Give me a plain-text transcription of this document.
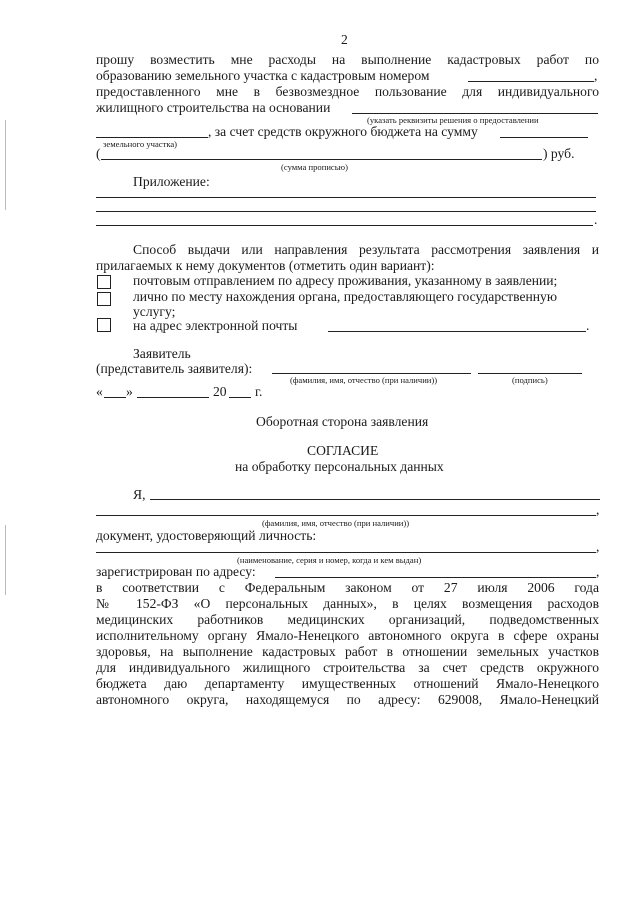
2
прошу возместить мне расходы на выполнение кадастровых работ по
образованию земельного участка с кадастровым номером	,
предоставленного мне в безвозмездное пользование для индивидуального
жилищного строительства на основании
(указать реквизиты решения о предоставлении
, за счет средств окружного бюджета на сумму
земельного участка)
(	) руб.
(сумма прописью)
Приложение:
.
Способ выдачи или направления результата рассмотрения заявления и
прилагаемых к нему документов (отметить один вариант):
почтовым отправлением по адресу проживания, указанному в заявлении;
лично по месту нахождения органа, предоставляющего государственную
услугу;
на адрес электронной почты	.
Заявитель
(представитель заявителя):
(фамилия, имя, отчество (при наличии))	(подпись)
« »	20 г.
Оборотная сторона заявления
СОГЛАСИЕ
на обработку персональных данных
Я,
,
(фамилия, имя, отчество (при наличии))
документ, удостоверяющий личность:
,
(наименование, серия и номер, когда и кем выдан)
зарегистрирован по адресу:	,
в соответствии с Федеральным законом от 27 июля 2006 года
№ 152-ФЗ «О персональных данных», в целях возмещения расходов
медицинских работников медицинских организаций, подведомственных
исполнительному органу Ямало-Ненецкого автономного округа в сфере охраны
здоровья, на выполнение кадастровых работ в отношении земельных участков
для индивидуального жилищного строительства за счет средств окружного
бюджета даю департаменту имущественных отношений Ямало-Ненецкого
автономного округа, находящемуся по адресу: 629008, Ямало-Ненецкий
